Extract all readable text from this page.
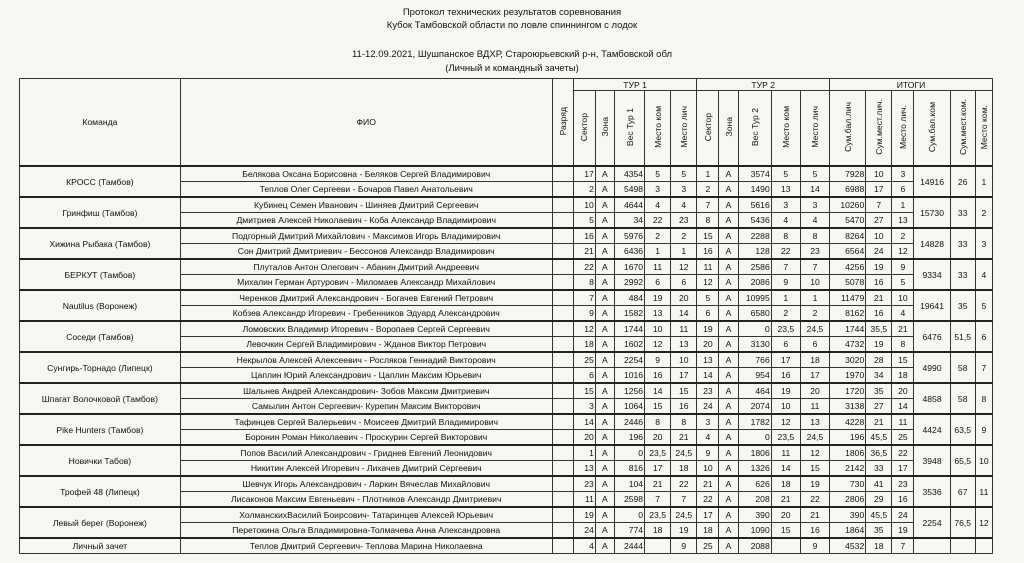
Протокол технических результатов соревнования
Кубок Тамбовской области по ловле спиннингом с лодок
11-12.09.2021, Шушпанское ВДХР, Староюрьевский р-н, Тамбовской обл
(Личный и командный зачеты)
Команда	ФИО	Разряд	ТУР 1					ТУР 2					ИТОГИ					
			Сектор	Зона	Вес Тур 1	Место ком	Место лич	Сектор	Зона	Вес Тур 2	Место ком	Место лич	Сум.бал.лич	Сум.мест.лич.	Место лич.	Сум.бал.ком	Сум.мест.ком.	Место ком.
КРОСС (Тамбов)	Белякова Оксана Борисовна - Беляков Сергей Владимирович		17	А	4354	5	5	1	А	3574	5	5	7928	10	3	14916	26	1
	Теплов Олег Сергееви - Бочаров Павел Анатольевич		2	А	5498	3	3	2	А	1490	13	14	6988	17	6			
Гринфиш (Тамбов)	Кубинец Семен Иванович - Шиняев Дмитрий Сергеевич		10	А	4644	4	4	7	А	5616	3	3	10260	7	1	15730	33	2
	Дмитриев Алексей Николаевич - Коба Александр Владимирович		5	А	34	22	23	8	А	5436	4	4	5470	27	13			
Хижина Рыбака (Тамбов)	Подгорный Дмитрий Михайлович - Максимов Игорь Владимирович		16	А	5976	2	2	15	А	2288	8	8	8264	10	2	14828	33	3
	Сон Дмитрий Дмитриевич - Бессонов Александр Владимирович		21	А	6436	1	1	16	А	128	22	23	6564	24	12			
БЕРКУТ (Тамбов)	Плуталов Антон Олегович - Абанин Дмитрий Андреевич		22	А	1670	11	12	11	А	2586	7	7	4256	19	9	9334	33	4
	Михалин Герман Артурович - Миломаев Александр Михайлович		8	А	2992	6	6	12	А	2086	9	10	5078	16	5			
Nautilus (Воронеж)	Черенков Дмитрий Александрович - Богачев Евгений Петрович		7	А	484	19	20	5	А	10995	1	1	11479	21	10	19641	35	5
	Кобзев Александр Игоревич - Гребенников Эдуард Александрович		9	А	1582	13	14	6	А	6580	2	2	8162	16	4			
Соседи (Тамбов)	Ломовских Владимир Игоревич - Воропаев Сергей Сергеевич		12	А	1744	10	11	19	А	0	23,5	24,5	1744	35,5	21	6476	51,5	6
	Левочкин Сергей Владимирович - Жданов Виктор Петрович		18	А	1602	12	13	20	А	3130	6	6	4732	19	8			
Сунгирь-Торнадо (Липецк)	Некрылов Алексей Алексеевич - Росляков Геннадий Викторович		25	А	2254	9	10	13	А	766	17	18	3020	28	15	4990	58	7
	Цаплин Юрий Александрович - Цаплин Максим Юрьевич		6	А	1016	16	17	14	А	954	16	17	1970	34	18			
Шпагат Волочковой (Тамбов)	Шальнев Андрей Александрович- Зобов Максим Дмитриевич		15	А	1256	14	15	23	А	464	19	20	1720	35	20	4858	58	8
	Самылин Антон Сергеевич- Курепин Максим Викторович		3	А	1064	15	16	24	А	2074	10	11	3138	27	14			
Pike Hunters (Тамбов)	Тафинцев Сергей Валерьевич - Моисеев Дмитрий Владимирович		14	А	2446	8	8	3	А	1782	12	13	4228	21	11	4424	63,5	9
	Боронин Роман Николаевич - Проскурин Сергей Викторович		20	А	196	20	21	4	А	0	23,5	24,5	196	45,5	25			
Новички Табов)	Попов Василий Александрович - Гриднев Евгений Леонидович		1	А	0	23,5	24,5	9	А	1806	11	12	1806	36,5	22	3948	65,5	10
	Никитин Алексей Игоревич - Лихачев Дмитрий Сергеевич		13	А	816	17	18	10	А	1326	14	15	2142	33	17			
Трофей 48 (Липецк)	Шевчук Игорь Александрович - Ларкин Вячеслав Михайлович		23	А	104	21	22	21	А	626	18	19	730	41	23	3536	67	11
	Лисаконов Максим Евгеньевич - Плотников Александр Дмитриевич		11	А	2598	7	7	22	А	208	21	22	2806	29	16			
Левый берег (Воронеж)	ХолманскихВасилий Боирсович- Татаринцев Алексей Юрьевич		19	А	0	23,5	24,5	17	А	390	20	21	390	45,5	24	2254	76,5	12
	Перетокина Ольга Владимировна-Толмачева Анна Александровна		24	А	774	18	19	18	А	1090	15	16	1864	35	19			
Личный зачет	Теплов Дмитрий Сергеевич- Теплова Марина Николаевна		4	А	2444		9	25	А	2088		9	4532	18	7			
